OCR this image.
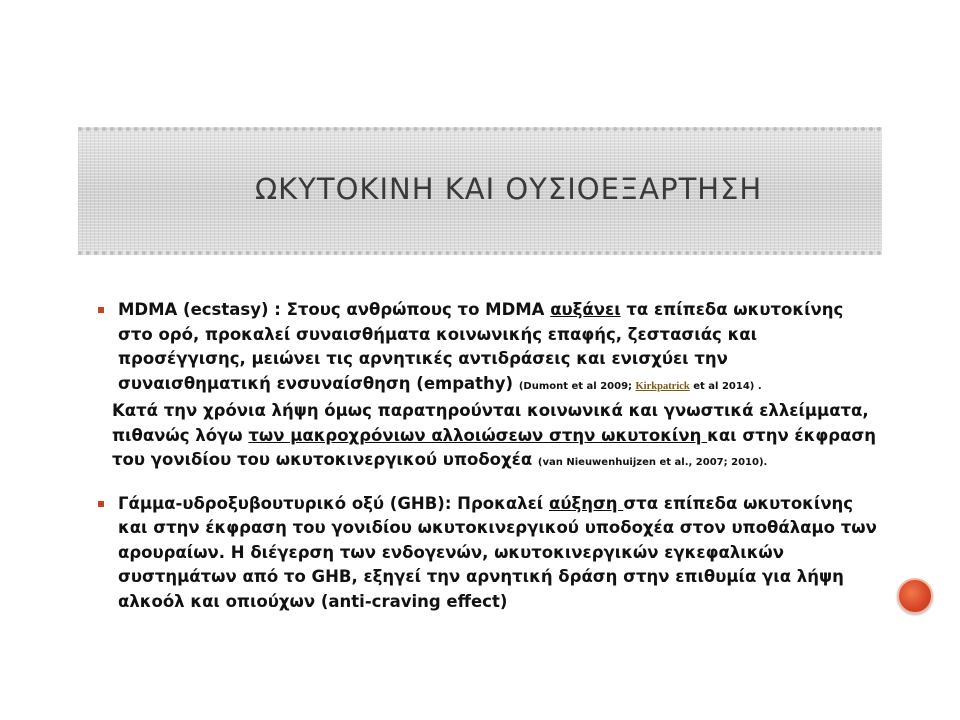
ΩΚΥΤΟΚΙΝΗ ΚΑΙ ΟΥΣΙΟΕΞΑΡΤΗΣΗ

MDMA (ecstasy) : Στους ανθρώπους το MDMA αυξάνει τα επίπεδα ωκυτοκίνης στο ορό, προκαλεί συναισθήματα κοινωνικής επαφής, ζεστασιάς και προσέγγισης, μειώνει τις αρνητικές αντιδράσεις και ενισχύει την συναισθηματική ενσυναίσθηση (empathy) (Dumont et al 2009; Kirkpatrick et al 2014) .

Κατά την χρόνια λήψη όμως παρατηρούνται κοινωνικά και γνωστικά ελλείμματα, πιθανώς λόγω των μακροχρόνιων αλλοιώσεων στην ωκυτοκίνη και στην έκφραση του γονιδίου του ωκυτοκινεργικού υποδοχέα (van Nieuwenhuijzen et al., 2007; 2010).

Γάμμα-υδροξυβουτυρικό οξύ (GHB): Προκαλεί αύξηση στα επίπεδα ωκυτοκίνης και στην έκφραση του γονιδίου ωκυτοκινεργικού υποδοχέα στον υποθάλαμο των αρουραίων. Η διέγερση των ενδογενών, ωκυτοκινεργικών εγκεφαλικών συστημάτων από το GHB, εξηγεί την αρνητική δράση στην επιθυμία για λήψη αλκοόλ και οπιούχων (anti-craving effect)
